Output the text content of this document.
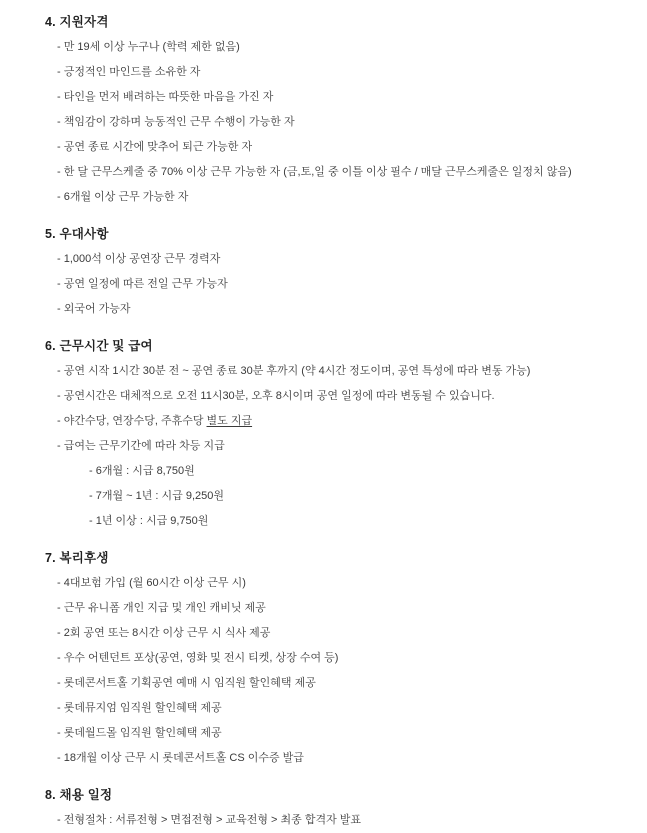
4. 지원자격
- 만 19세 이상 누구나 (학력 제한 없음)
- 긍정적인 마인드를 소유한 자
- 타인을 먼저 배려하는 따뜻한 마음을 가진 자
- 책임감이 강하며 능동적인 근무 수행이 가능한 자
- 공연 종료 시간에 맞추어 퇴근 가능한 자
- 한 달 근무스케줄 중 70% 이상 근무 가능한 자 (금,토,일 중 이틀 이상 필수 / 매달 근무스케줄은 일정치 않음)
- 6개월 이상 근무 가능한 자
5. 우대사항
- 1,000석 이상 공연장 근무 경력자
- 공연 일정에 따른 전일 근무 가능자
- 외국어 가능자
6. 근무시간 및 급여
- 공연 시작 1시간 30분 전 ~ 공연 종료 30분 후까지 (약 4시간 정도이며, 공연 특성에 따라 변동 가능)
- 공연시간은 대체적으로 오전 11시30분, 오후 8시이며 공연 일정에 따라 변동될 수 있습니다.
- 야간수당, 연장수당, 주휴수당 별도 지급
- 급여는 근무기간에 따라 차등 지급
- 6개월 : 시급 8,750원
- 7개월 ~ 1년 : 시급 9,250원
- 1년 이상 : 시급 9,750원
7. 복리후생
- 4대보험 가입 (월 60시간 이상 근무 시)
- 근무 유니폼 개인 지급 및 개인 캐비닛 제공
- 2회 공연 또는 8시간 이상 근무 시 식사 제공
- 우수 어텐던트 포상(공연, 영화 및 전시 티켓, 상장 수여 등)
- 롯데콘서트홀 기획공연 예매 시 임직원 할인혜택 제공
- 롯데뮤지엄 임직원 할인혜택 제공
- 롯데월드몰 임직원 할인혜택 제공
- 18개월 이상 근무 시 롯데콘서트홀 CS 이수증 발급
8. 채용 일정
- 전형절차 : 서류전형 > 면접전형 > 교육전형 > 최종 합격자 발표
